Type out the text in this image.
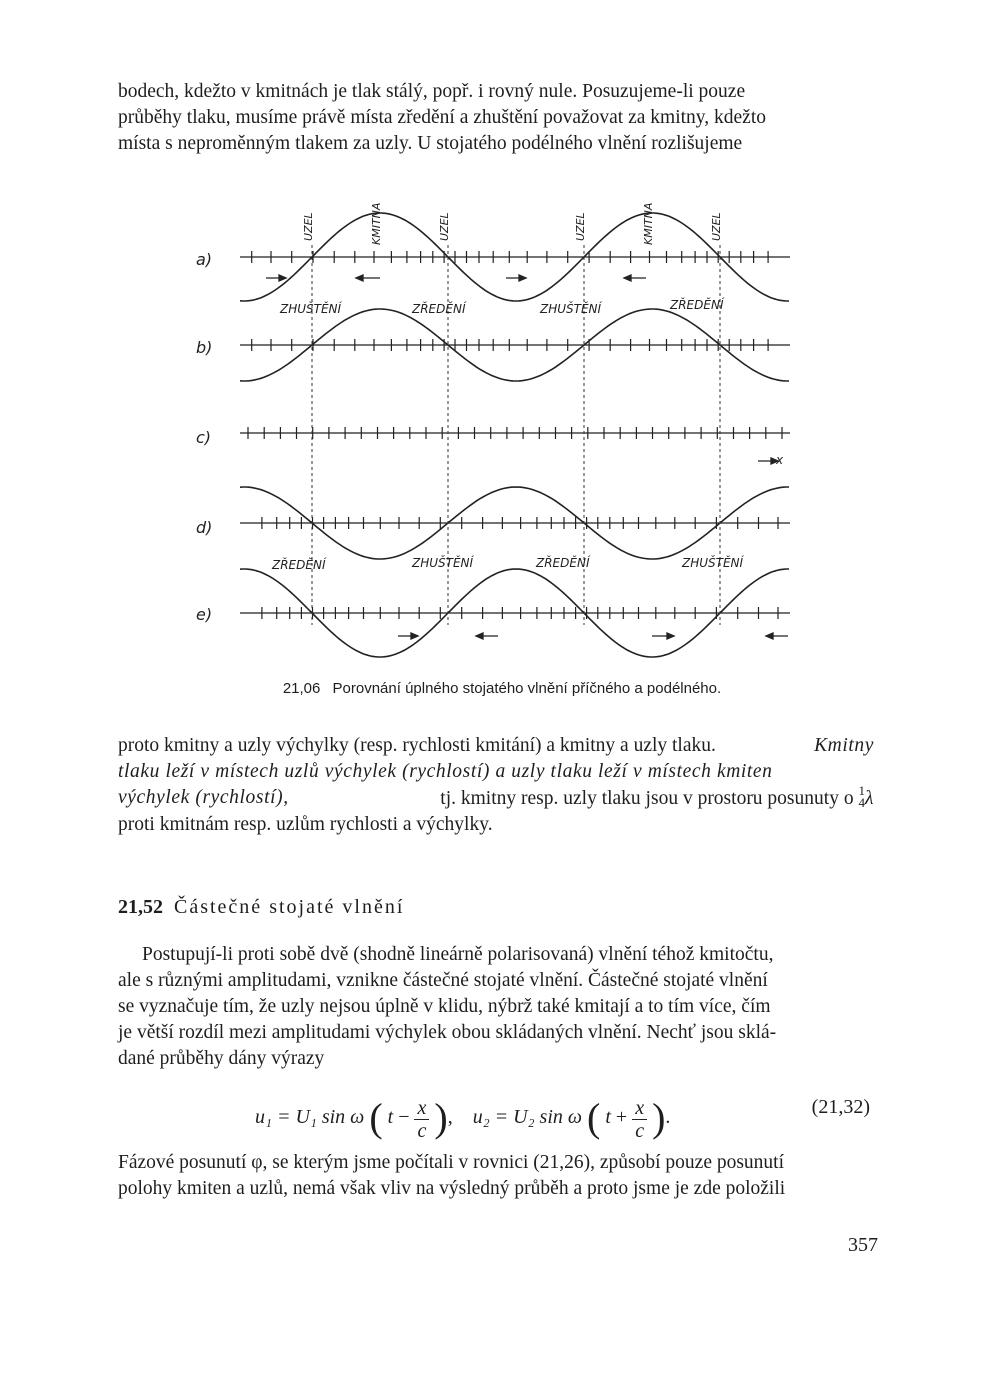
bodech, kdežto v kmitnách je tlak stálý, popř. i rovný nule. Posuzujeme-li pouze
průběhy tlaku, musíme právě místa zředění a zhuštění považovat za kmitny, kdežto
místa s neproměnným tlakem za uzly. U stojatého podélného vlnění rozlišujeme
UZEL	KMITNA	UZEL	UZEL	KMITNA	UZEL
a)
b)
c)
d)
e)
ZHUŠTĚNÍ	ZŘEDĚNÍ	ZHUŠTĚNÍ	ZŘEDĚNÍ
ZŘEDĚNÍ	ZHUŠTĚNÍ	ZŘEDĚNÍ	ZHUŠTĚNÍ
x
21,06 Porovnání úplného stojatého vlnění příčného a podélného.
proto kmitny a uzly výchylky (resp. rychlosti kmitání) a kmitny a uzly tlaku.	Kmitny
tlaku leží v místech uzlů výchylek (rychlostí) a uzly tlaku leží v místech kmiten
výchylek (rychlostí),	tj. kmitny resp. uzly tlaku jsou v prostoru posunuty o 1
4 λ
proti kmitnám resp. uzlům rychlosti a výchylky.
21,52 Částečné stojaté vlnění
Postupují-li proti sobě dvě (shodně lineárně polarisovaná) vlnění téhož kmitočtu,
ale s různými amplitudami, vznikne částečné stojaté vlnění. Částečné stojaté vlnění
se vyznačuje tím, že uzly nejsou úplně v klidu, nýbrž také kmitají a to tím více, čím
je větší rozdíl mezi amplitudami výchylek obou skládaných vlnění. Nechť jsou sklá-
dané průběhy dány výrazy
u₁ = U₁ sin ω ( $t - \frac{x}{c}$ ), u₂ = U₂ sin ω ( $t + \frac{x}{c}$ ).	(21,32)
Fázové posunutí φ, se kterým jsme počítali v rovnici (21,26), způsobí pouze posunutí
polohy kmiten a uzlů, nemá však vliv na výsledný průběh a proto jsme je zde položili
357
